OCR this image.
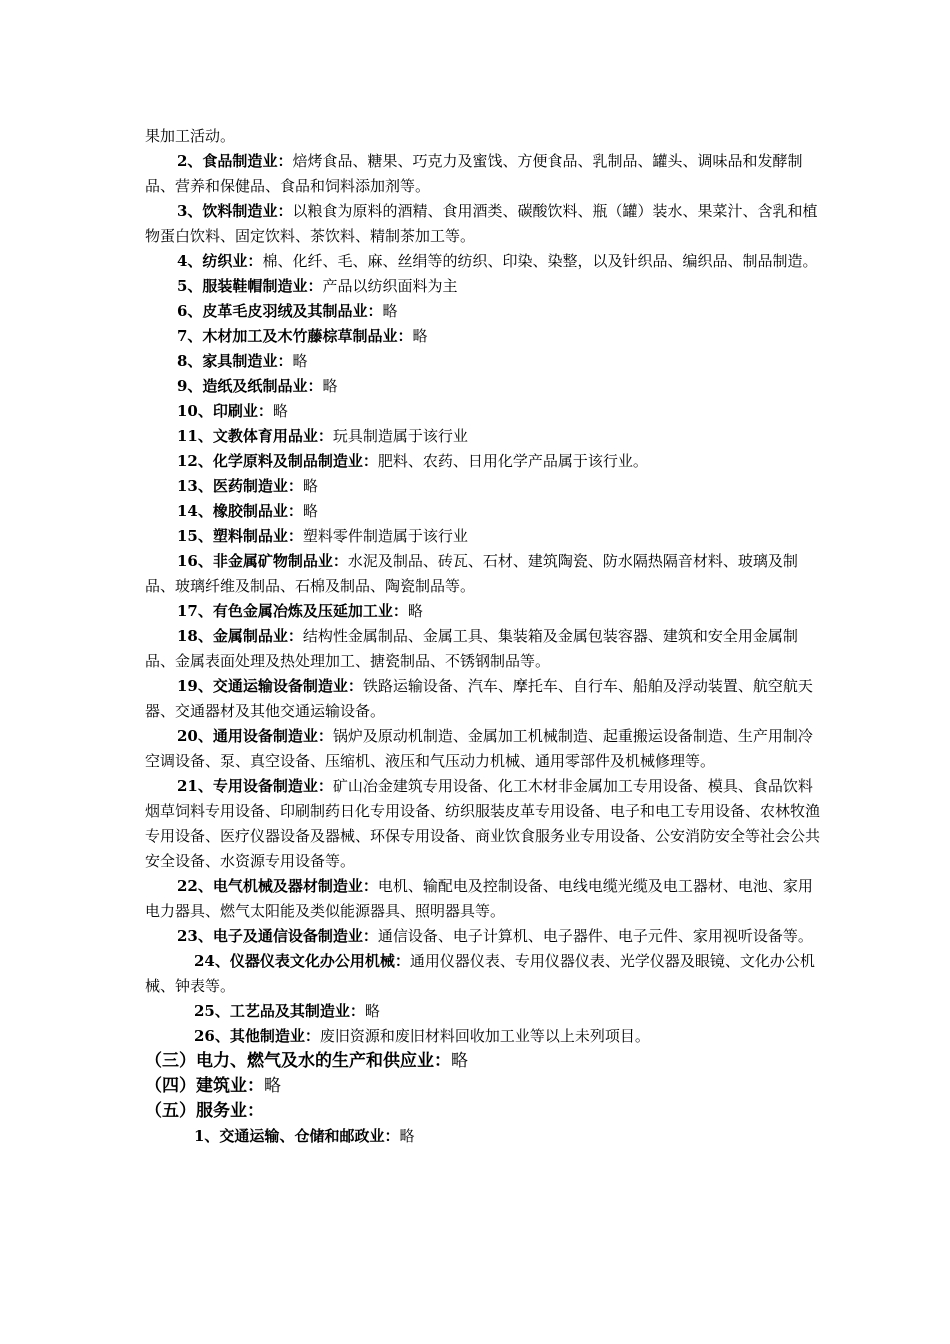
果加工活动。

2、食品制造业：焙烤食品、糖果、巧克力及蜜饯、方便食品、乳制品、罐头、调味品和发酵制品、营养和保健品、食品和饲料添加剂等。

3、饮料制造业：以粮食为原料的酒精、食用酒类、碳酸饮料、瓶（罐）装水、果菜汁、含乳和植物蛋白饮料、固定饮料、茶饮料、精制茶加工等。

4、纺织业：棉、化纤、毛、麻、丝绢等的纺织、印染、染整，以及针织品、编织品、制品制造。

5、服装鞋帽制造业：产品以纺织面料为主

6、皮革毛皮羽绒及其制品业：略

7、木材加工及木竹藤棕草制品业：略

8、家具制造业：略

9、造纸及纸制品业：略

10、印刷业：略

11、文教体育用品业：玩具制造属于该行业

12、化学原料及制品制造业：肥料、农药、日用化学产品属于该行业。

13、医药制造业：略

14、橡胶制品业：略

15、塑料制品业：塑料零件制造属于该行业

16、非金属矿物制品业：水泥及制品、砖瓦、石材、建筑陶瓷、防水隔热隔音材料、玻璃及制品、玻璃纤维及制品、石棉及制品、陶瓷制品等。

17、有色金属冶炼及压延加工业：略

18、金属制品业：结构性金属制品、金属工具、集装箱及金属包装容器、建筑和安全用金属制品、金属表面处理及热处理加工、搪瓷制品、不锈钢制品等。

19、交通运输设备制造业：铁路运输设备、汽车、摩托车、自行车、船舶及浮动装置、航空航天器、交通器材及其他交通运输设备。

20、通用设备制造业：锅炉及原动机制造、金属加工机械制造、起重搬运设备制造、生产用制冷空调设备、泵、真空设备、压缩机、液压和气压动力机械、通用零部件及机械修理等。

21、专用设备制造业：矿山冶金建筑专用设备、化工木材非金属加工专用设备、模具、食品饮料烟草饲料专用设备、印刷制药日化专用设备、纺织服装皮革专用设备、电子和电工专用设备、农林牧渔专用设备、医疗仪器设备及器械、环保专用设备、商业饮食服务业专用设备、公安消防安全等社会公共安全设备、水资源专用设备等。

22、电气机械及器材制造业：电机、输配电及控制设备、电线电缆光缆及电工器材、电池、家用电力器具、燃气太阳能及类似能源器具、照明器具等。

23、电子及通信设备制造业：通信设备、电子计算机、电子器件、电子元件、家用视听设备等。

24、仪器仪表文化办公用机械：通用仪器仪表、专用仪器仪表、光学仪器及眼镜、文化办公机械、钟表等。

25、工艺品及其制造业：略

26、其他制造业：废旧资源和废旧材料回收加工业等以上未列项目。

（三）电力、燃气及水的生产和供应业：略

（四）建筑业：略

（五）服务业：

1、交通运输、仓储和邮政业：略
